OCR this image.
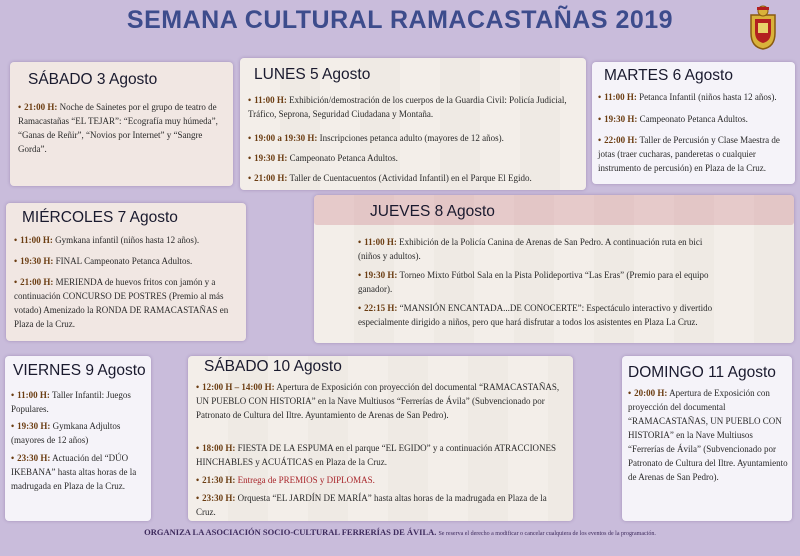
SEMANA CULTURAL RAMACASTAÑAS 2019
SÁBADO 3 Agosto
• 21:00 H: Noche de Sainetes por el grupo de teatro de Ramacastañas “EL TEJAR”: “Ecografía muy húmeda”, “Ganas de Reñir”, “Novios por Internet” y “Sangre Gorda”.
LUNES 5 Agosto
• 11:00 H: Exhibición/demostración de los cuerpos de la Guardia Civil: Policía Judicial, Tráfico, Seprona, Seguridad Ciudadana y Montaña.
• 19:00 a 19:30 H: Inscripciones petanca adulto (mayores de 12 años).
• 19:30 H: Campeonato Petanca Adultos.
• 21:00 H: Taller de Cuentacuentos (Actividad Infantil) en el Parque El Egido.
MARTES 6 Agosto
• 11:00 H: Petanca Infantil (niños hasta 12 años).
• 19:30 H: Campeonato Petanca Adultos.
• 22:00 H: Taller de Percusión y Clase Maestra de jotas (traer cucharas, panderetas o cualquier instrumento de percusión) en Plaza de la Cruz.
MIÉRCOLES 7 Agosto
• 11:00 H: Gymkana infantil (niños hasta 12 años).
• 19:30 H: FINAL Campeonato Petanca Adultos.
• 21:00 H: MERIENDA de huevos fritos con jamón y a continuación CONCURSO DE POSTRES (Premio al más votado) Amenizado la RONDA DE RAMACASTAÑAS en Plaza de la Cruz.
JUEVES 8 Agosto
• 11:00 H: Exhibición de la Policía Canina de Arenas de San Pedro. A continuación ruta en bici (niños y adultos).
• 19:30 H: Torneo Mixto Fútbol Sala en la Pista Polideportiva “Las Eras” (Premio para el equipo ganador).
• 22:15 H: “MANSIÓN ENCANTADA...DE CONOCERTE”: Espectáculo interactivo y divertido especialmente dirigido a niños, pero que hará disfrutar a todos los asistentes en Plaza La Cruz.
VIERNES 9 Agosto
• 11:00 H: Taller Infantil: Juegos Populares.
• 19:30 H: Gymkana Adjultos (mayores de 12 años)
• 23:30 H: Actuación del “DÚO IKEBANA” hasta altas horas de la madrugada en Plaza de la Cruz.
SÁBADO 10 Agosto
• 12:00 H – 14:00 H: Apertura de Exposición con proyección del documental “RAMACASTAÑAS, UN PUEBLO CON HISTORIA” en la Nave Multiusos “Ferrerías de Ávila” (Subvencionado por Patronato de Cultura del Iltre. Ayuntamiento de Arenas de San Pedro).
• 18:00 H: FIESTA DE LA ESPUMA en el parque “EL EGIDO” y a continuación ATRACCIONES HINCHABLES y ACUÁTICAS en Plaza de la Cruz.
• 21:30 H: Entrega de PREMIOS y DIPLOMAS.
• 23:30 H: Orquesta “EL JARDÍN DE MARÍA” hasta altas horas de la madrugada en Plaza de la Cruz.
DOMINGO 11 Agosto
• 20:00 H: Apertura de Exposición con proyección del documental “RAMACASTAÑAS, UN PUEBLO CON HISTORIA” en la Nave Multiusos “Ferrerías de Ávila” (Subvencionado por Patronato de Cultura del Iltre. Ayuntamiento de Arenas de San Pedro).
ORGANIZA LA ASOCIACIÓN SOCIO-CULTURAL FERRERÍAS DE ÁVILA. Se reserva el derecho a modificar o cancelar cualquiera de los eventos de la programación.
